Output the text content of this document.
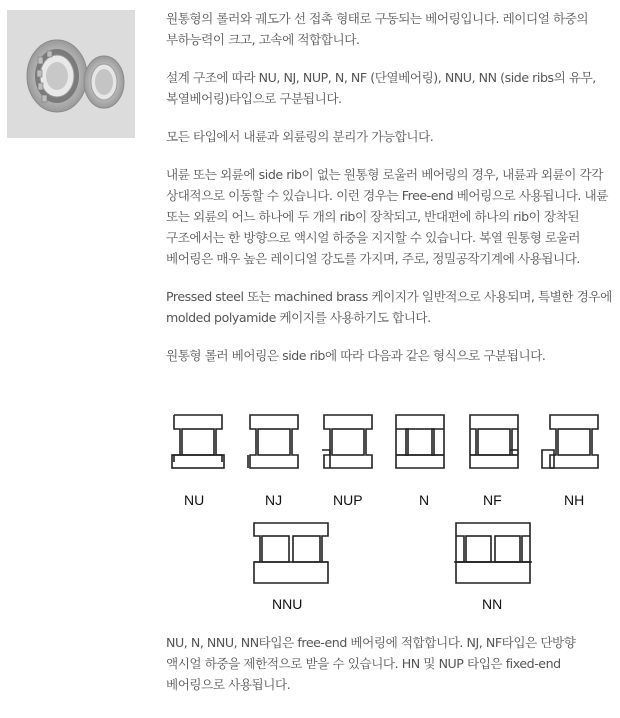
원통형의 롤러와 궤도가 선 접촉 형태로 구동되는 베어링입니다. 레이디얼 하중의 부하능력이 크고, 고속에 적합합니다.

설계 구조에 따라 NU, NJ, NUP, N, NF (단열베어링), NNU, NN (side ribs의 유무, 복열베어링)타입으로 구분됩니다.

모든 타입에서 내륜과 외륜링의 분리가 가능합니다.

내륜 또는 외륜에 side rib이 없는 원통형 로울러 베어링의 경우, 내륜과 외륜이 각각 상대적으로 이동할 수 있습니다. 이런 경우는 Free-end 베어링으로 사용됩니다. 내륜 또는 외륜의 어느 하나에 두 개의 rib이 장착되고, 반대편에 하나의 rib이 장착된 구조에서는 한 방향으로 액시얼 하중을 지지할 수 있습니다. 복열 원통형 로울러 베어링은 매우 높은 레이디얼 강도를 가지며, 주로, 정밀공작기계에 사용됩니다.

Pressed steel 또는 machined brass 케이지가 일반적으로 사용되며, 특별한 경우에 molded polyamide 케이지를 사용하기도 합니다.

원통형 롤러 베어링은 side rib에 따라 다음과 같은 형식으로 구분됩니다.

NU	NJ	NUP	N	NF	NH
NNU	NN

NU, N, NNU, NN타입은 free-end 베어링에 적합합니다. NJ, NF타입은 단방향 액시얼 하중을 제한적으로 받을 수 있습니다. HN 및 NUP 타입은 fixed-end 베어링으로 사용됩니다.
